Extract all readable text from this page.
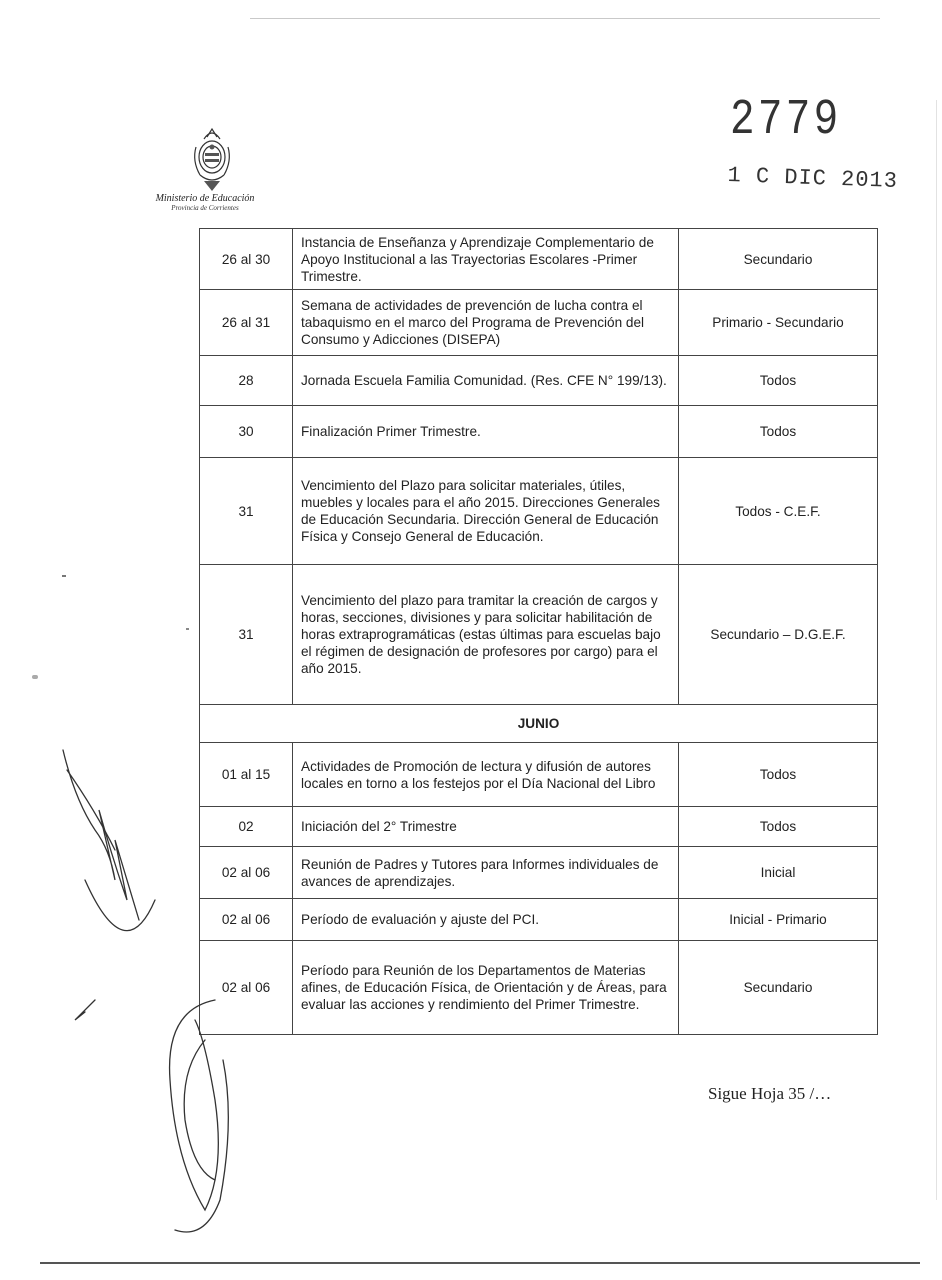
Ministerio de Educación
Provincia de Corrientes
2779
1 C DIC 2013
26 al 30	Instancia de Enseñanza y Aprendizaje Complementario de Apoyo Institucional a las Trayectorias Escolares -Primer Trimestre.	Secundario
26 al 31	Semana de actividades de prevención de lucha contra el tabaquismo en el marco del Programa de Prevención del Consumo y Adicciones (DISEPA)	Primario - Secundario
28	Jornada Escuela Familia Comunidad. (Res. CFE N° 199/13).	Todos
30	Finalización Primer Trimestre.	Todos
31	Vencimiento del Plazo para solicitar materiales, útiles, muebles y locales para el año 2015. Direcciones Generales de Educación Secundaria. Dirección General de Educación Física y Consejo General de Educación.	Todos - C.E.F.
31	Vencimiento del plazo para tramitar la creación de cargos y horas, secciones, divisiones y para solicitar habilitación de horas extraprogramáticas (estas últimas para escuelas bajo el régimen de designación de profesores por cargo) para el año 2015.	Secundario – D.G.E.F.
JUNIO		
01 al 15	Actividades de Promoción de lectura y difusión de autores locales en torno a los festejos por el Día Nacional del Libro	Todos
02	Iniciación del 2° Trimestre	Todos
02 al 06	Reunión de Padres y Tutores para Informes individuales de avances de aprendizajes.	Inicial
02 al 06	Período de evaluación y ajuste del PCI.	Inicial - Primario
02 al 06	Período para Reunión de los Departamentos de Materias afines, de Educación Física, de Orientación y de Áreas, para evaluar las acciones y rendimiento del Primer Trimestre.	Secundario
Sigue Hoja 35 /…
